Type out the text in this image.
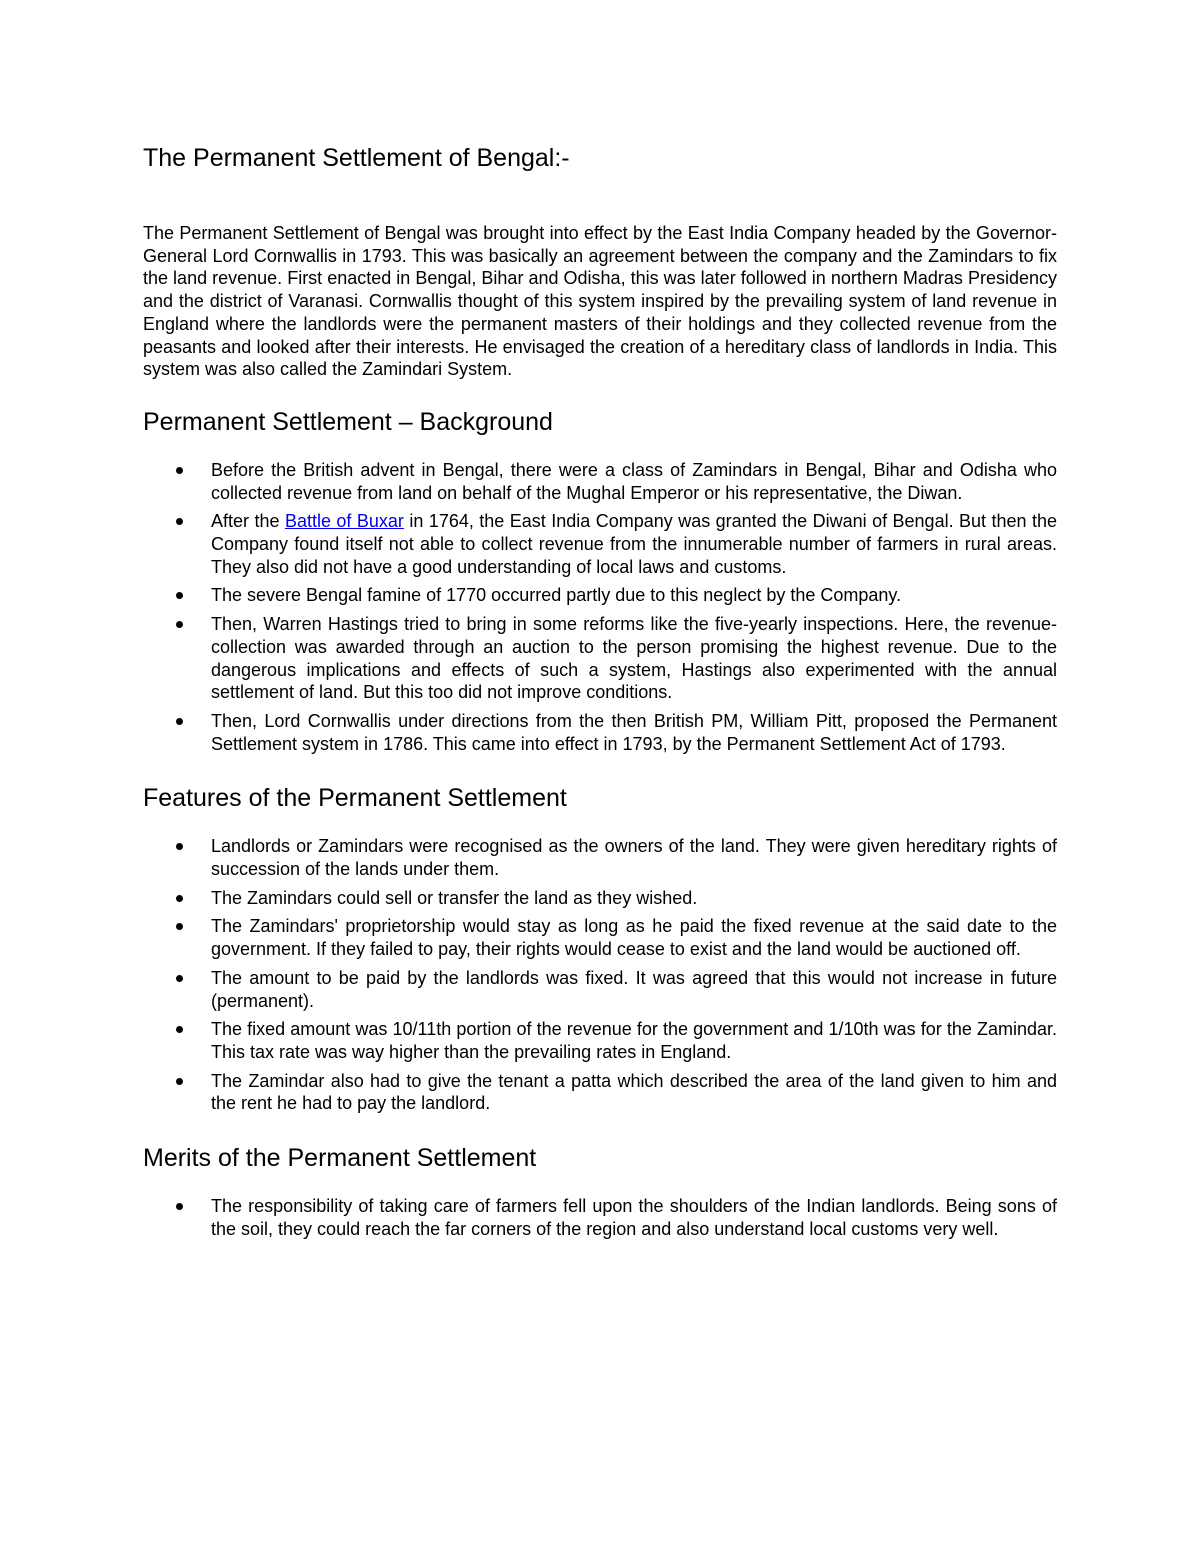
The Permanent Settlement of Bengal:-

The Permanent Settlement of Bengal was brought into effect by the East India Company headed by the Governor-General Lord Cornwallis in 1793. This was basically an agreement between the company and the Zamindars to fix the land revenue. First enacted in Bengal, Bihar and Odisha, this was later followed in northern Madras Presidency and the district of Varanasi. Cornwallis thought of this system inspired by the prevailing system of land revenue in England where the landlords were the permanent masters of their holdings and they collected revenue from the peasants and looked after their interests. He envisaged the creation of a hereditary class of landlords in India. This system was also called the Zamindari System.

Permanent Settlement – Background
Before the British advent in Bengal, there were a class of Zamindars in Bengal, Bihar and Odisha who collected revenue from land on behalf of the Mughal Emperor or his representative, the Diwan.
After the Battle of Buxar in 1764, the East India Company was granted the Diwani of Bengal. But then the Company found itself not able to collect revenue from the innumerable number of farmers in rural areas. They also did not have a good understanding of local laws and customs.
The severe Bengal famine of 1770 occurred partly due to this neglect by the Company.
Then, Warren Hastings tried to bring in some reforms like the five-yearly inspections. Here, the revenue-collection was awarded through an auction to the person promising the highest revenue. Due to the dangerous implications and effects of such a system, Hastings also experimented with the annual settlement of land. But this too did not improve conditions.
Then, Lord Cornwallis under directions from the then British PM, William Pitt, proposed the Permanent Settlement system in 1786. This came into effect in 1793, by the Permanent Settlement Act of 1793.
Features of the Permanent Settlement
Landlords or Zamindars were recognised as the owners of the land. They were given hereditary rights of succession of the lands under them.
The Zamindars could sell or transfer the land as they wished.
The Zamindars' proprietorship would stay as long as he paid the fixed revenue at the said date to the government. If they failed to pay, their rights would cease to exist and the land would be auctioned off.
The amount to be paid by the landlords was fixed. It was agreed that this would not increase in future (permanent).
The fixed amount was 10/11th portion of the revenue for the government and 1/10th was for the Zamindar. This tax rate was way higher than the prevailing rates in England.
The Zamindar also had to give the tenant a patta which described the area of the land given to him and the rent he had to pay the landlord.
Merits of the Permanent Settlement
The responsibility of taking care of farmers fell upon the shoulders of the Indian landlords. Being sons of the soil, they could reach the far corners of the region and also understand local customs very well.
